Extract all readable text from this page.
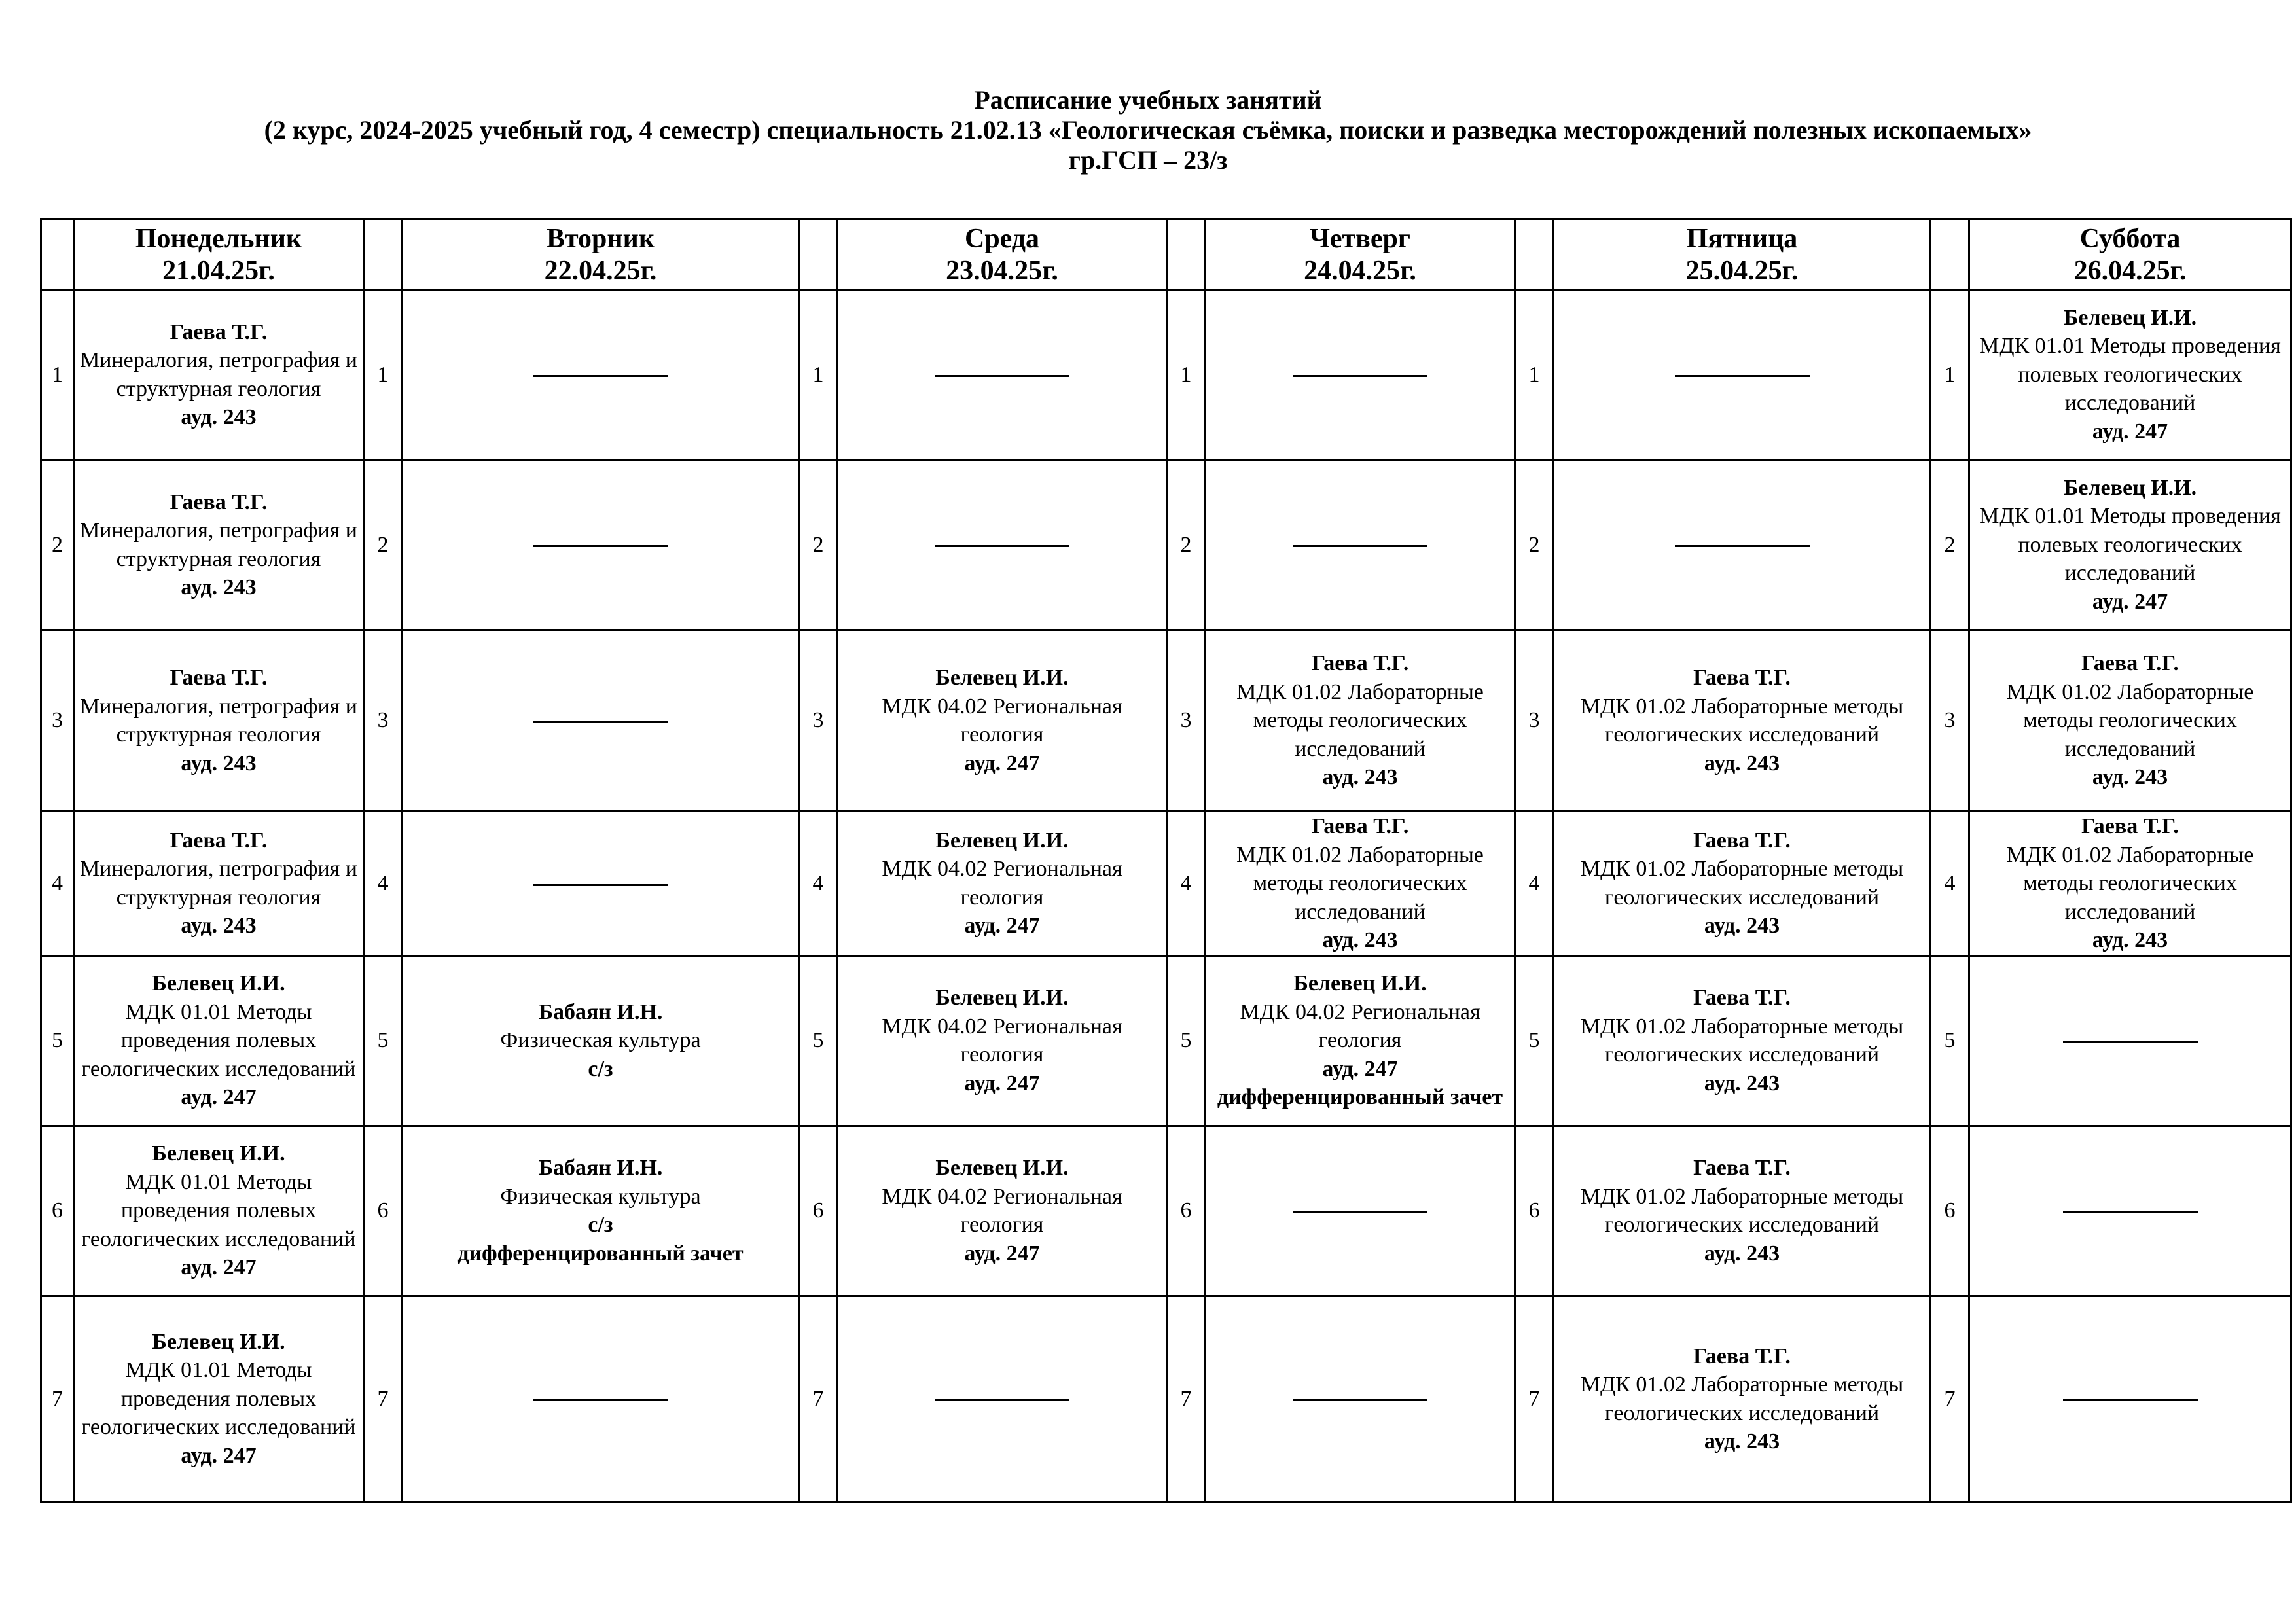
Расписание учебных занятий
(2 курс, 2024-2025 учебный год, 4 семестр) специальность 21.02.13 «Геологическая съёмка, поиски и разведка месторождений полезных ископаемых»
гр.ГСП – 23/з

	Понедельник
21.04.25г.		Вторник
22.04.25г.		Среда
23.04.25г.		Четверг
24.04.25г.		Пятница
25.04.25г.		Суббота
26.04.25г.

1	Гаева Т.Г.
Минералогия, петрография и структурная геология
ауд. 243	1		1		1		1		1	Белевец И.И.
МДК 01.01 Методы проведения полевых геологических исследований
ауд. 247

2	Гаева Т.Г.
Минералогия, петрография и структурная геология
ауд. 243	2		2		2		2		2	Белевец И.И.
МДК 01.01 Методы проведения полевых геологических исследований
ауд. 247

3	Гаева Т.Г.
Минералогия, петрография и структурная геология
ауд. 243	3		3	Белевец И.И.
МДК 04.02 Региональная геология
ауд. 247	3	Гаева Т.Г.
МДК 01.02 Лабораторные методы геологических исследований
ауд. 243	3	Гаева Т.Г.
МДК 01.02 Лабораторные методы геологических исследований
ауд. 243	3	Гаева Т.Г.
МДК 01.02 Лабораторные методы геологических исследований
ауд. 243

4	Гаева Т.Г.
Минералогия, петрография и структурная геология
ауд. 243	4		4	Белевец И.И.
МДК 04.02 Региональная геология
ауд. 247	4	Гаева Т.Г.
МДК 01.02 Лабораторные методы геологических исследований
ауд. 243	4	Гаева Т.Г.
МДК 01.02 Лабораторные методы геологических исследований
ауд. 243	4	Гаева Т.Г.
МДК 01.02 Лабораторные методы геологических исследований
ауд. 243

5	Белевец И.И.
МДК 01.01 Методы проведения полевых геологических исследований
ауд. 247	5	Бабаян И.Н.
Физическая культура
с/з	5	Белевец И.И.
МДК 04.02 Региональная геология
ауд. 247	5	Белевец И.И.
МДК 04.02 Региональная геология
ауд. 247
дифференцированный зачет	5	Гаева Т.Г.
МДК 01.02 Лабораторные методы геологических исследований
ауд. 243	5	
6	Белевец И.И.
МДК 01.01 Методы проведения полевых геологических исследований
ауд. 247	6	Бабаян И.Н.
Физическая культура
с/з
дифференцированный зачет	6	Белевец И.И.
МДК 04.02 Региональная геология
ауд. 247	6		6	Гаева Т.Г.
МДК 01.02 Лабораторные методы геологических исследований
ауд. 243	6	
7	Белевец И.И.
МДК 01.01 Методы проведения полевых геологических исследований
ауд. 247	7		7		7		7	Гаева Т.Г.
МДК 01.02 Лабораторные методы геологических исследований
ауд. 243	7	
